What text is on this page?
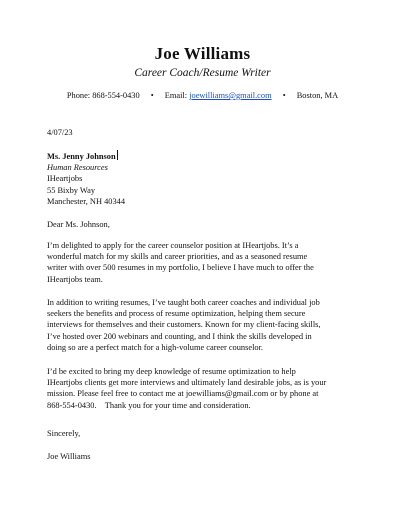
Joe Williams
Career Coach/Resume Writer
Phone: 868-554-0430 • Email: joewilliams@gmail.com • Boston, MA
4/07/23
Ms. Jenny Johnson
Human Resources
IHeartjobs
55 Bixby Way
Manchester, NH 40344
Dear Ms. Johnson,
I’m delighted to apply for the career counselor position at IHeartjobs. It’s a
wonderful match for my skills and career priorities, and as a seasoned resume
writer with over 500 resumes in my portfolio, I believe I have much to offer the
IHeartjobs team.
In addition to writing resumes, I’ve taught both career coaches and individual job
seekers the benefits and process of resume optimization, helping them secure
interviews for themselves and their customers. Known for my client-facing skills,
I’ve hosted over 200 webinars and counting, and I think the skills developed in
doing so are a perfect match for a high-volume career counselor.
I’d be excited to bring my deep knowledge of resume optimization to help
IHeartjobs clients get more interviews and ultimately land desirable jobs, as is your
mission. Please feel free to contact me at joewilliams@gmail.com or by phone at
868-554-0430.    Thank you for your time and consideration.
Sincerely,
Joe Williams
